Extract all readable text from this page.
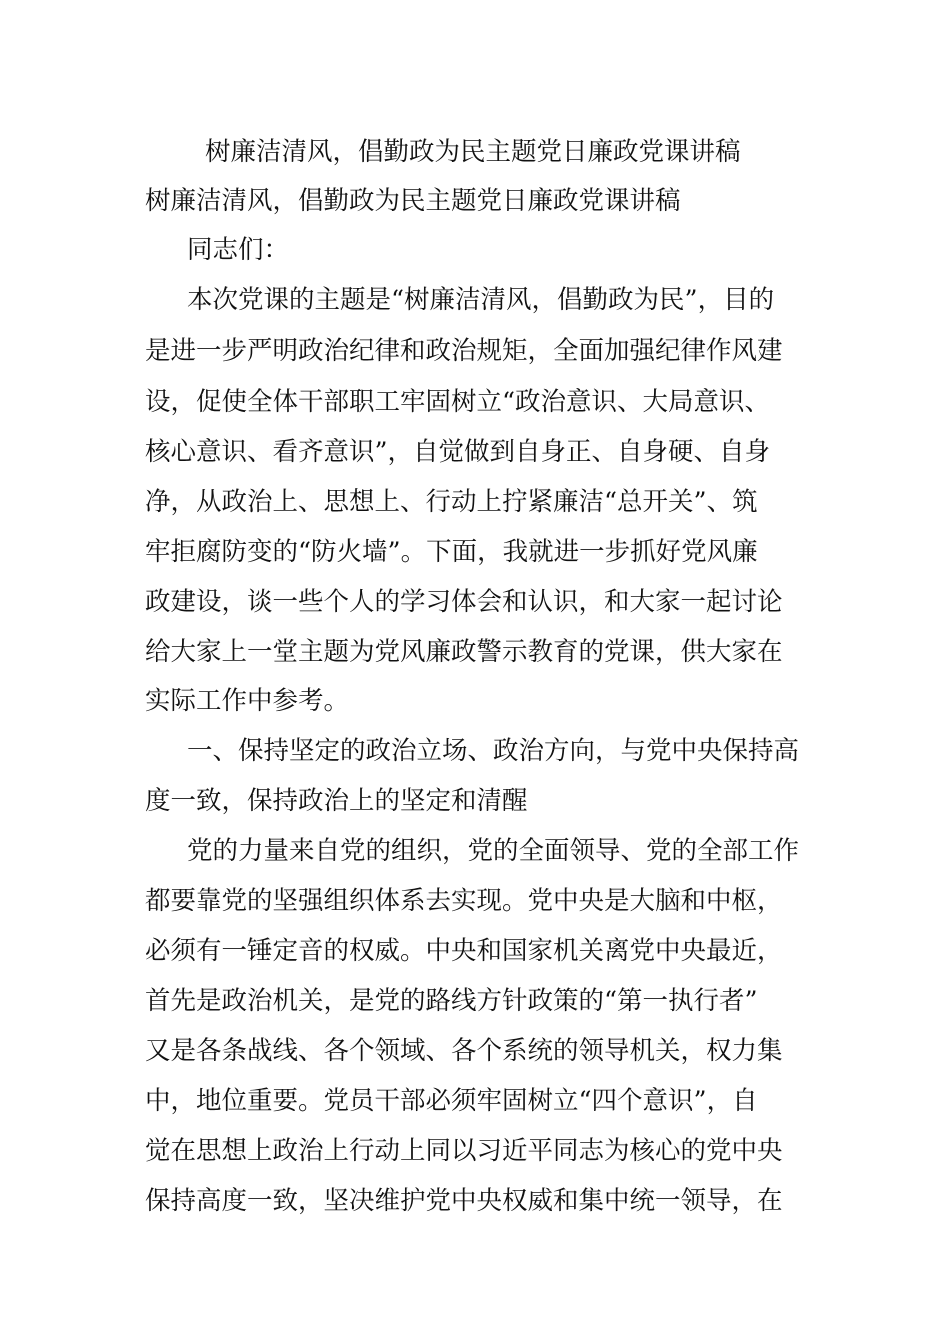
树廉洁清风，倡勤政为民主题党日廉政党课讲稿
树廉洁清风，倡勤政为民主题党日廉政党课讲稿
同志们：
本次党课的主题是“树廉洁清风，倡勤政为民”，目的
是进一步严明政治纪律和政治规矩，全面加强纪律作风建
设，促使全体干部职工牢固树立“政治意识、大局意识、
核心意识、看齐意识”，自觉做到自身正、自身硬、自身
净，从政治上、思想上、行动上拧紧廉洁“总开关”、筑
牢拒腐防变的“防火墙”。下面，我就进一步抓好党风廉
政建设，谈一些个人的学习体会和认识，和大家一起讨论
给大家上一堂主题为党风廉政警示教育的党课，供大家在
实际工作中参考。
一、保持坚定的政治立场、政治方向，与党中央保持高
度一致，保持政治上的坚定和清醒
党的力量来自党的组织，党的全面领导、党的全部工作
都要靠党的坚强组织体系去实现。党中央是大脑和中枢，
必须有一锤定音的权威。中央和国家机关离党中央最近，
首先是政治机关，是党的路线方针政策的“第一执行者”
又是各条战线、各个领域、各个系统的领导机关，权力集
中，地位重要。党员干部必须牢固树立“四个意识”，自
觉在思想上政治上行动上同以习近平同志为核心的党中央
保持高度一致，坚决维护党中央权威和集中统一领导，在
